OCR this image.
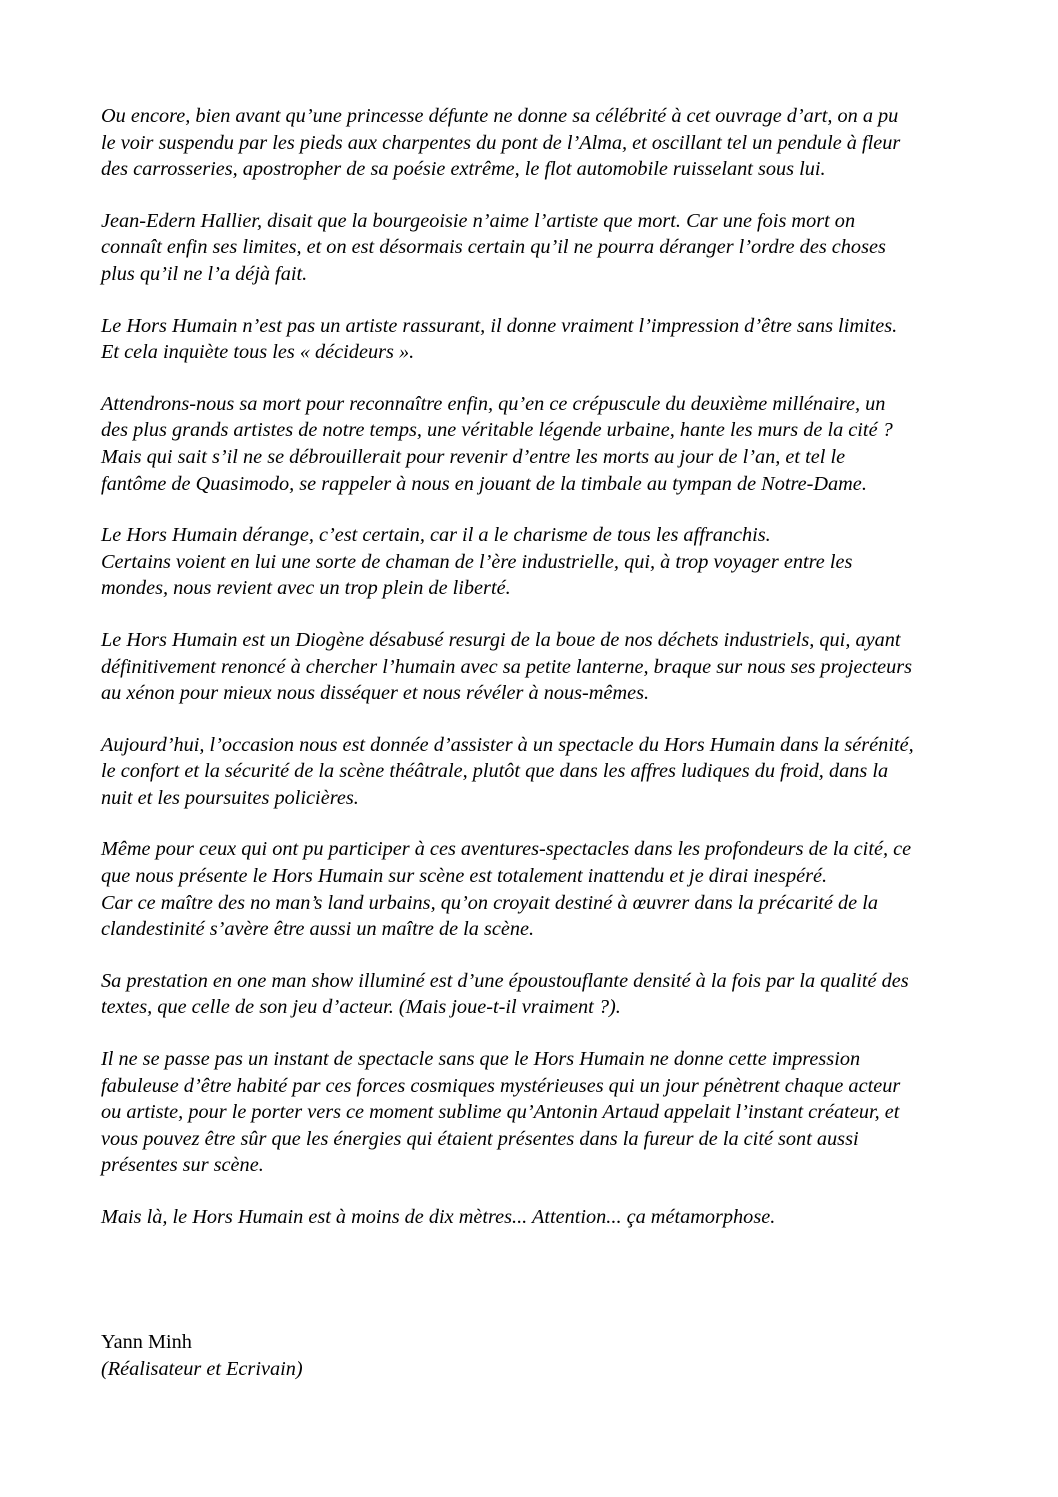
Ou encore, bien avant qu’une princesse défunte ne donne sa célébrité à cet ouvrage d’art, on a pu
le voir suspendu par les pieds aux charpentes du pont de l’Alma, et oscillant tel un pendule à fleur
des carrosseries, apostropher de sa poésie extrême, le flot automobile ruisselant sous lui.

Jean-Edern Hallier, disait que la bourgeoisie n’aime l’artiste que mort. Car une fois mort on
connaît enfin ses limites, et on est désormais certain qu’il ne pourra déranger l’ordre des choses
plus qu’il ne l’a déjà fait.

Le Hors Humain n’est pas un artiste rassurant, il donne vraiment l’impression d’être sans limites.
Et cela inquiète tous les « décideurs ».

Attendrons-nous sa mort pour reconnaître enfin, qu’en ce crépuscule du deuxième millénaire, un
des plus grands artistes de notre temps, une véritable légende urbaine, hante les murs de la cité ?
Mais qui sait s’il ne se débrouillerait pour revenir d’entre les morts au jour de l’an, et tel le
fantôme de Quasimodo, se rappeler à nous en jouant de la timbale au tympan de Notre-Dame.

Le Hors Humain dérange, c’est certain, car il a le charisme de tous les affranchis.
Certains voient en lui une sorte de chaman de l’ère industrielle, qui, à trop voyager entre les
mondes, nous revient avec un trop plein de liberté.

Le Hors Humain est un Diogène désabusé resurgi de la boue de nos déchets industriels, qui, ayant
définitivement renoncé à chercher l’humain avec sa petite lanterne, braque sur nous ses projecteurs
au xénon pour mieux nous disséquer et nous révéler à nous-mêmes.

Aujourd’hui, l’occasion nous est donnée d’assister à un spectacle du Hors Humain dans la sérénité,
le confort et la sécurité de la scène théâtrale, plutôt que dans les affres ludiques du froid, dans la
nuit et les poursuites policières.

Même pour ceux qui ont pu participer à ces aventures-spectacles dans les profondeurs de la cité, ce
que nous présente le Hors Humain sur scène est totalement inattendu et je dirai inespéré.
Car ce maître des no man’s land urbains, qu’on croyait destiné à œuvrer dans la précarité de la
clandestinité s’avère être aussi un maître de la scène.

Sa prestation en one man show illuminé est d’une époustouflante densité à la fois par la qualité des
textes, que celle de son jeu d’acteur. (Mais joue-t-il vraiment ?).

Il ne se passe pas un instant de spectacle sans que le Hors Humain ne donne cette impression
fabuleuse d’être habité par ces forces cosmiques mystérieuses qui un jour pénètrent chaque acteur
ou artiste, pour le porter vers ce moment sublime qu’Antonin Artaud appelait l’instant créateur, et
vous pouvez être sûr que les énergies qui étaient présentes dans la fureur de la cité sont aussi
présentes sur scène.

Mais là, le Hors Humain est à moins de dix mètres... Attention... ça métamorphose.

Yann Minh
(Réalisateur et Ecrivain)
